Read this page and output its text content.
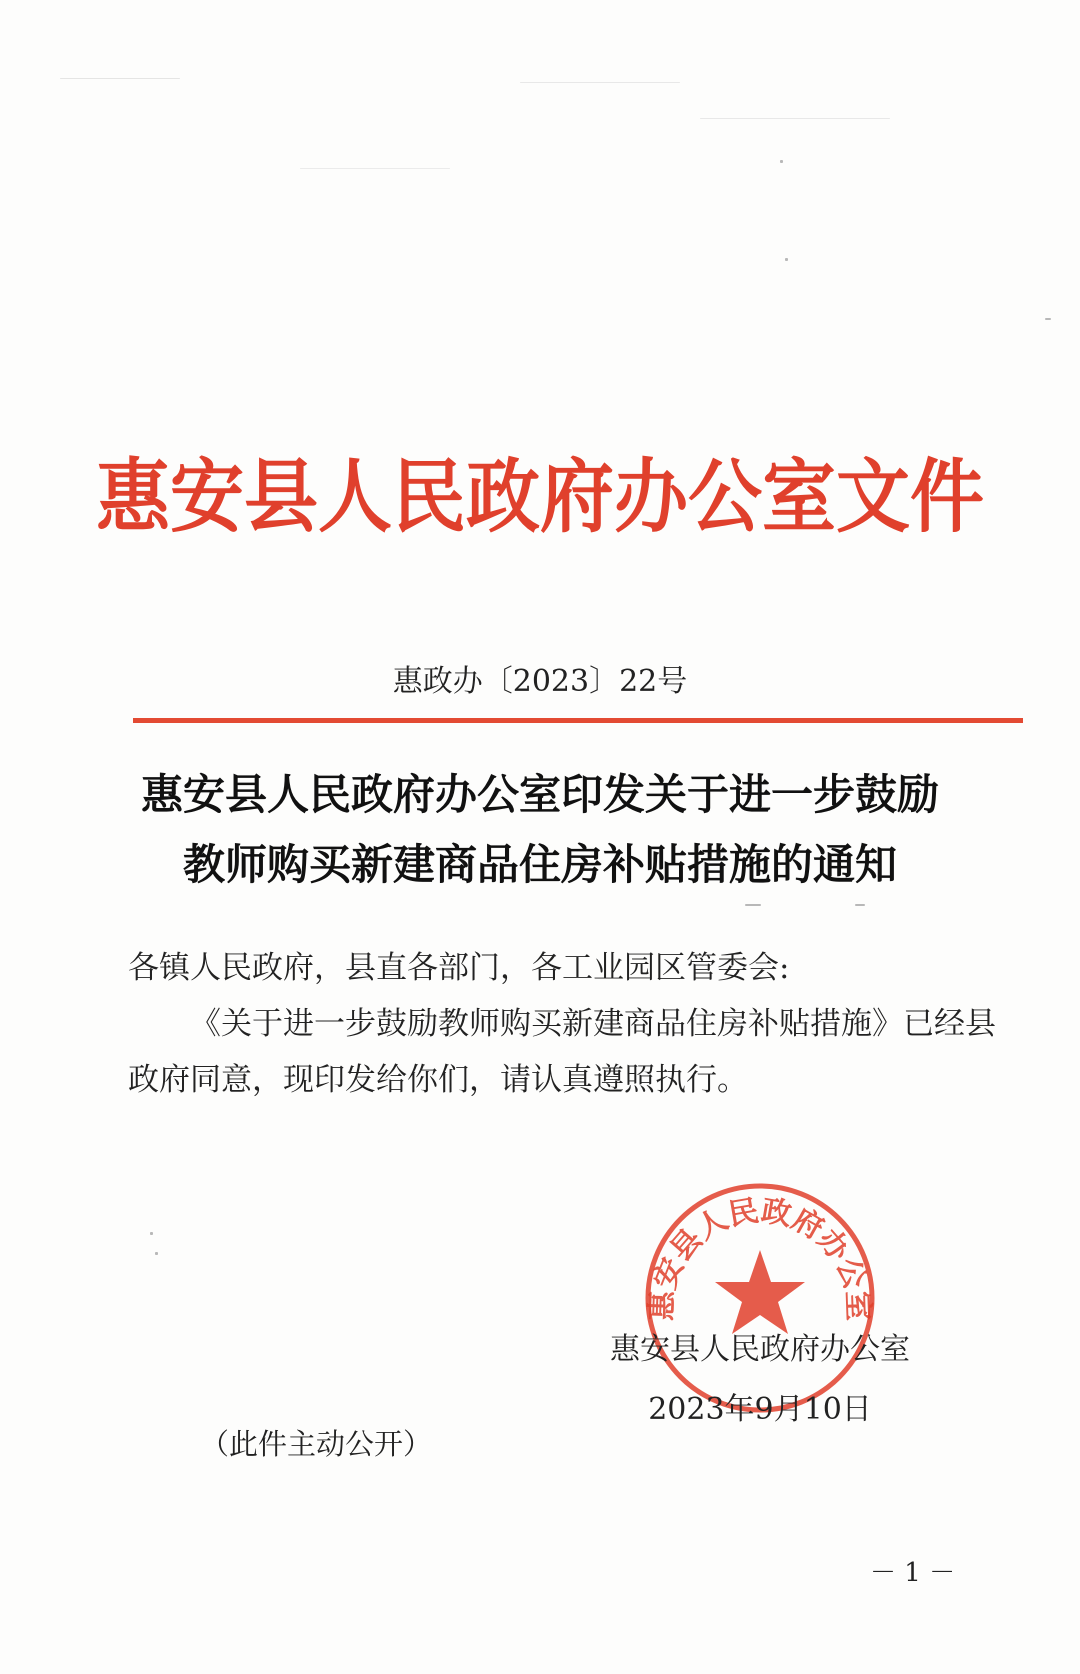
惠安县人民政府办公室文件
惠政办〔2023〕22号
惠安县人民政府办公室印发关于进一步鼓励
教师购买新建商品住房补贴措施的通知

各镇人民政府，县直各部门，各工业园区管委会:

《关于进一步鼓励教师购买新建商品住房补贴措施》已经县政府同意，现印发给你们，请认真遵照执行。

惠安县人民政府办公室
惠安县人民政府办公室
2023年9月10日
（此件主动公开）
－ 1 －
